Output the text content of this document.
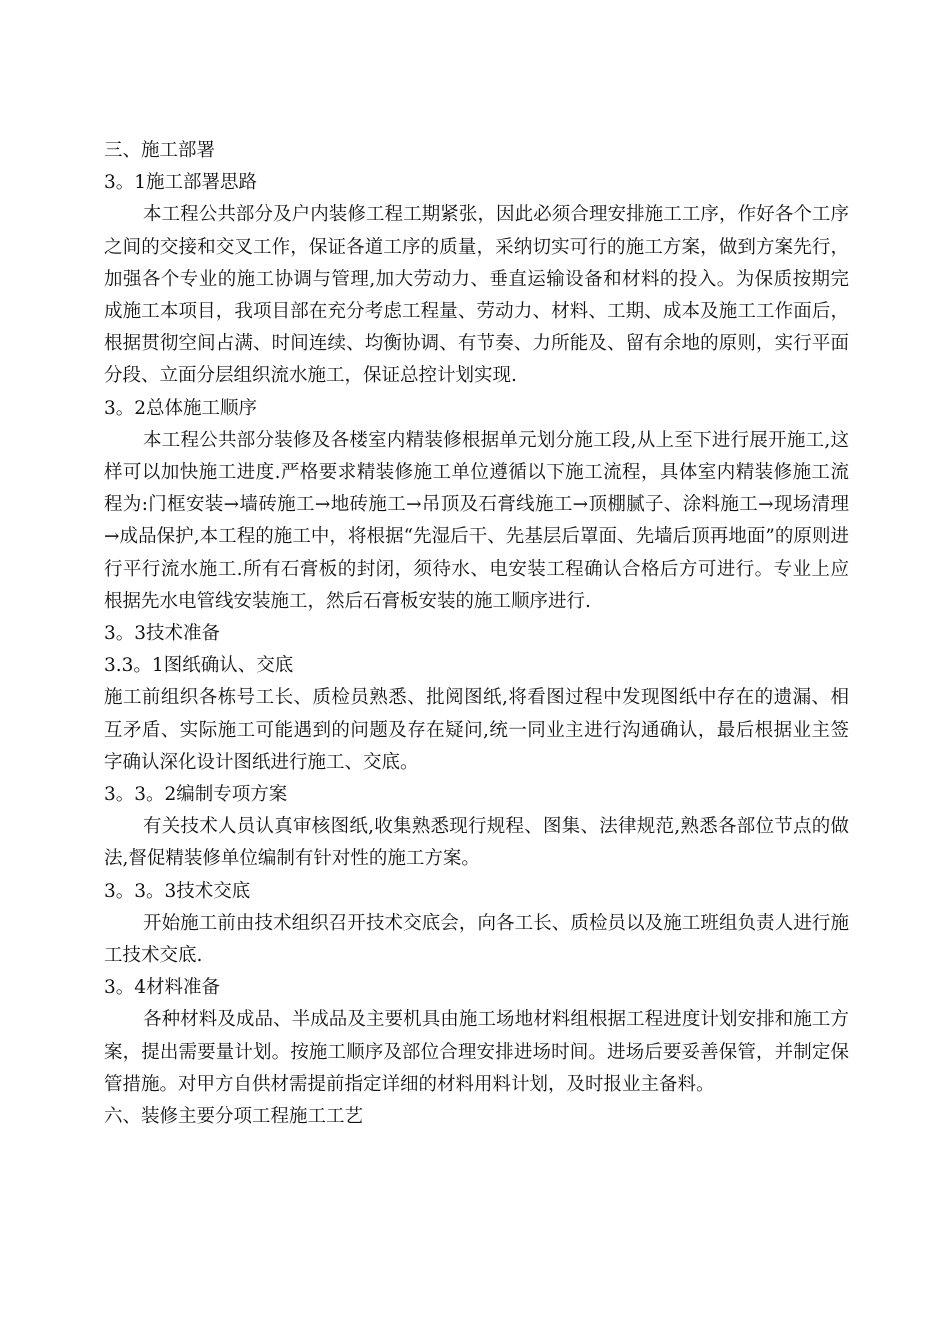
三、施工部署

3。1施工部署思路

本工程公共部分及户内装修工程工期紧张，因此必须合理安排施工工序，作好各个工序之间的交接和交叉工作，保证各道工序的质量，采纳切实可行的施工方案，做到方案先行，加强各个专业的施工协调与管理,加大劳动力、垂直运输设备和材料的投入。为保质按期完成施工本项目，我项目部在充分考虑工程量、劳动力、材料、工期、成本及施工工作面后，根据贯彻空间占满、时间连续、均衡协调、有节奏、力所能及、留有余地的原则，实行平面分段、立面分层组织流水施工，保证总控计划实现.

3。2总体施工顺序

本工程公共部分装修及各楼室内精装修根据单元划分施工段,从上至下进行展开施工,这样可以加快施工进度.严格要求精装修施工单位遵循以下施工流程，具体室内精装修施工流程为:门框安装→墙砖施工→地砖施工→吊顶及石膏线施工→顶棚腻子、涂料施工→现场清理→成品保护,本工程的施工中，将根据“先湿后干、先基层后罩面、先墙后顶再地面”的原则进行平行流水施工.所有石膏板的封闭，须待水、电安装工程确认合格后方可进行。专业上应根据先水电管线安装施工，然后石膏板安装的施工顺序进行.

3。3技术准备

3.3。1图纸确认、交底

施工前组织各栋号工长、质检员熟悉、批阅图纸,将看图过程中发现图纸中存在的遗漏、相互矛盾、实际施工可能遇到的问题及存在疑问,统一同业主进行沟通确认，最后根据业主签字确认深化设计图纸进行施工、交底。

3。3。2编制专项方案

有关技术人员认真审核图纸,收集熟悉现行规程、图集、法律规范,熟悉各部位节点的做法,督促精装修单位编制有针对性的施工方案。

3。3。3技术交底

开始施工前由技术组织召开技术交底会，向各工长、质检员以及施工班组负责人进行施工技术交底.

3。4材料准备

各种材料及成品、半成品及主要机具由施工场地材料组根据工程进度计划安排和施工方案，提出需要量计划。按施工顺序及部位合理安排进场时间。进场后要妥善保管，并制定保管措施。对甲方自供材需提前指定详细的材料用料计划，及时报业主备料。

六、装修主要分项工程施工工艺
